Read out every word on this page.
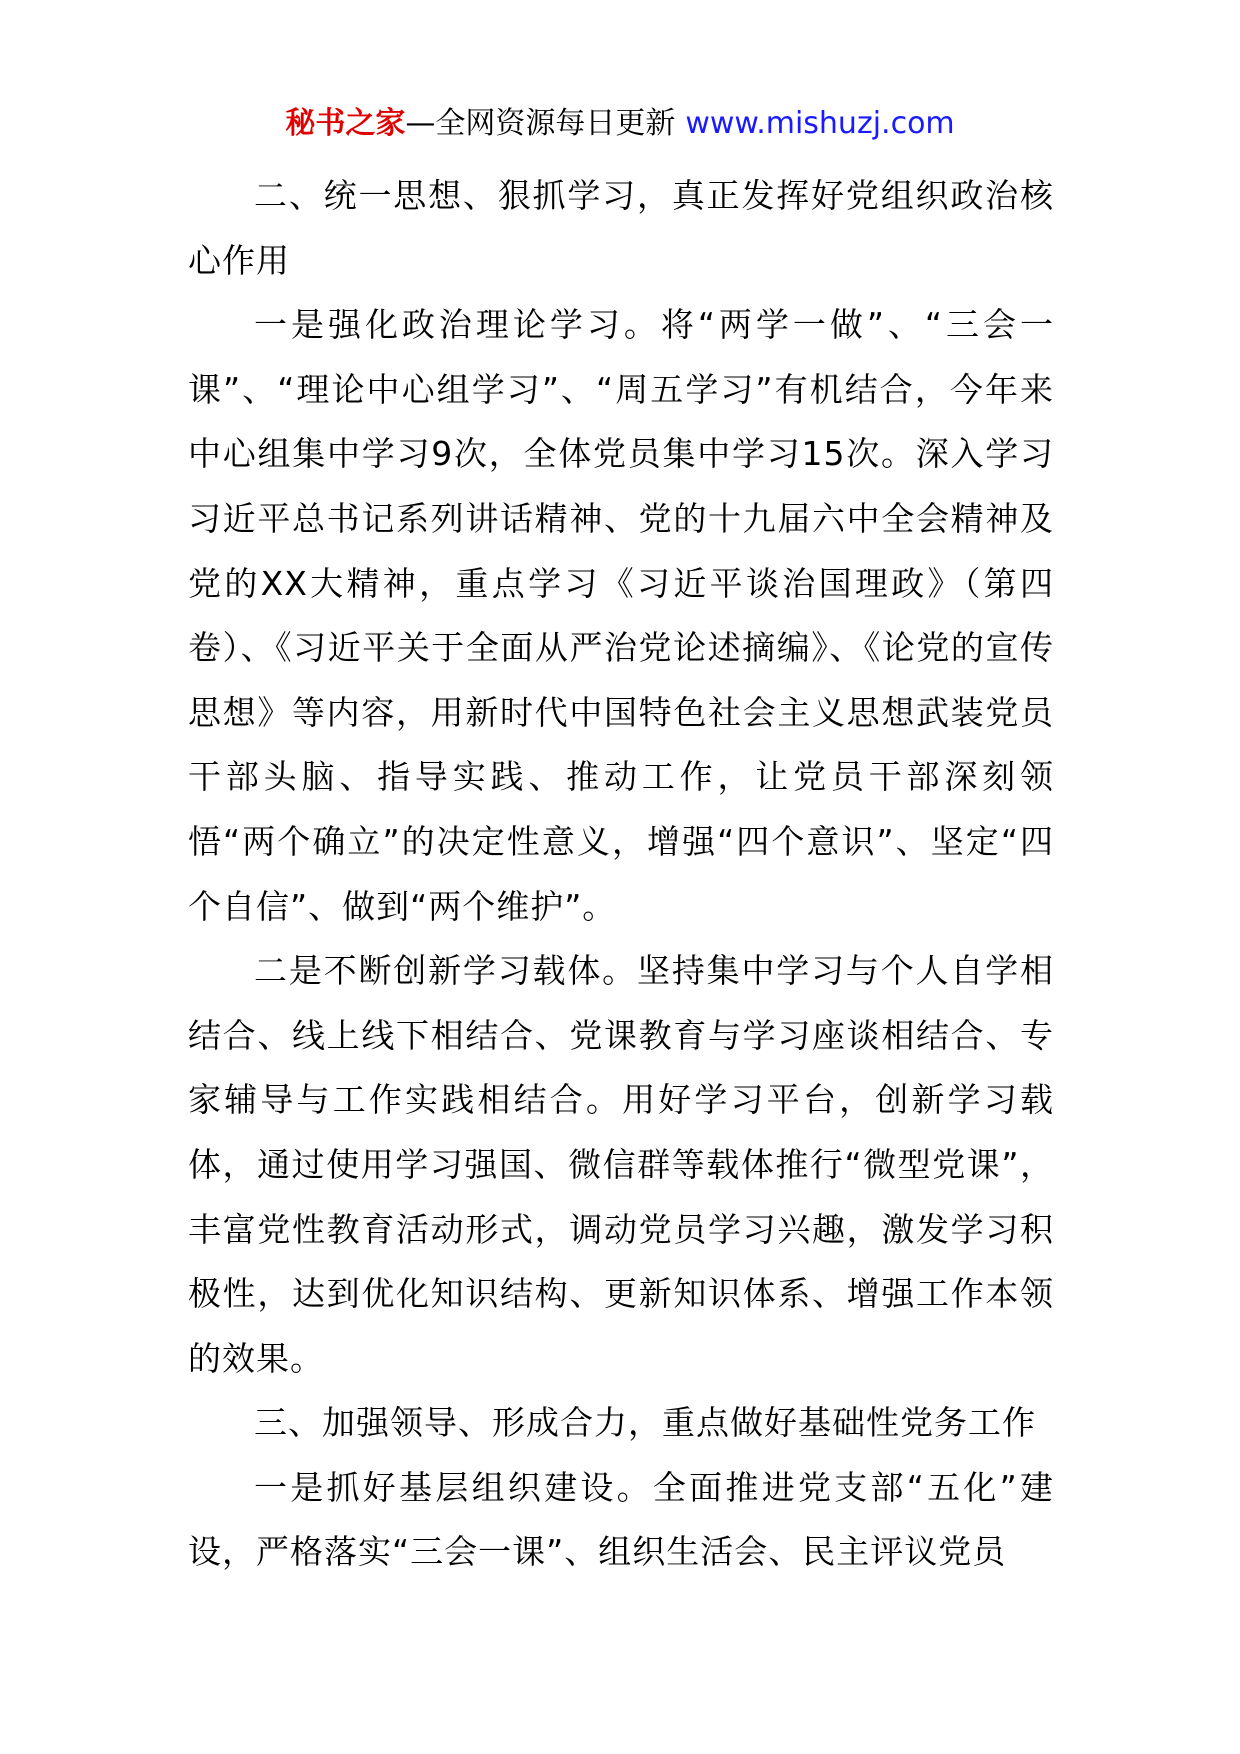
秘书之家—全网资源每日更新 www.mishuzj.com

二、统一思想、狠抓学习，真正发挥好党组织政治核心作用

一是强化政治理论学习。将“两学一做”、“三会一课”、“理论中心组学习”、“周五学习”有机结合，今年来中心组集中学习9次，全体党员集中学习15次。深入学习习近平总书记系列讲话精神、党的十九届六中全会精神及党的XX大精神，重点学习《习近平谈治国理政》（第四卷）、《习近平关于全面从严治党论述摘编》、《论党的宣传思想》等内容，用新时代中国特色社会主义思想武装党员干部头脑、指导实践、推动工作，让党员干部深刻领悟“两个确立”的决定性意义，增强“四个意识”、坚定“四个自信”、做到“两个维护”。

二是不断创新学习载体。坚持集中学习与个人自学相结合、线上线下相结合、党课教育与学习座谈相结合、专家辅导与工作实践相结合。用好学习平台，创新学习载体，通过使用学习强国、微信群等载体推行“微型党课”，丰富党性教育活动形式，调动党员学习兴趣，激发学习积极性，达到优化知识结构、更新知识体系、增强工作本领的效果。

三、加强领导、形成合力，重点做好基础性党务工作

一是抓好基层组织建设。全面推进党支部“五化”建设，严格落实“三会一课”、组织生活会、民主评议党员
